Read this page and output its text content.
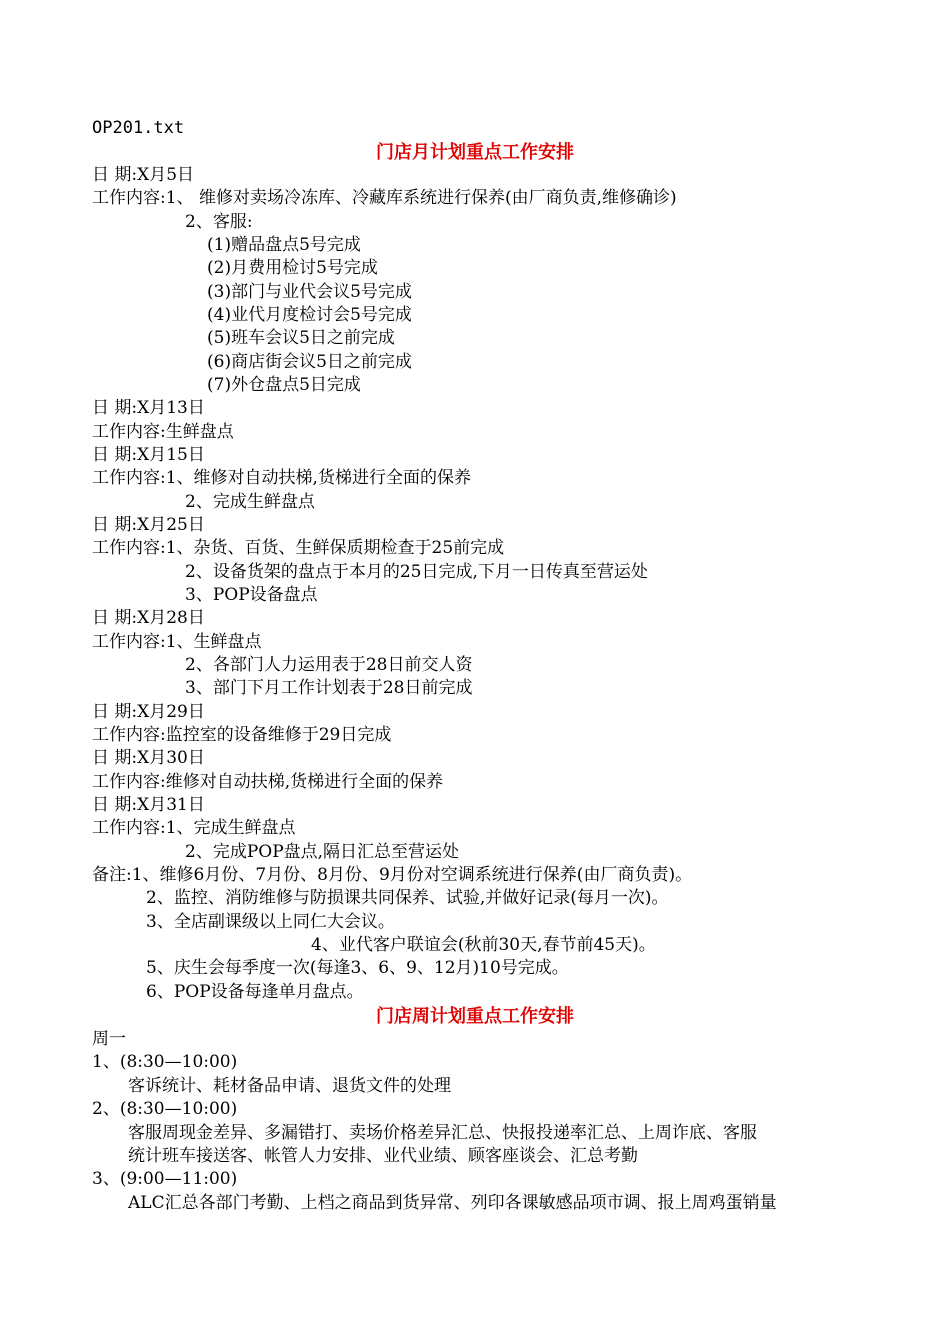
OP201.txt
门店月计划重点工作安排
日 期:X月5日
工作内容:1、 维修对卖场冷冻库、冷藏库系统进行保养(由厂商负责,维修确诊)
2、客服:
(1)赠品盘点5号完成
(2)月费用检讨5号完成
(3)部门与业代会议5号完成
(4)业代月度检讨会5号完成
(5)班车会议5日之前完成
(6)商店街会议5日之前完成
(7)外仓盘点5日完成
日 期:X月13日
工作内容:生鲜盘点
日 期:X月15日
工作内容:1、维修对自动扶梯,货梯进行全面的保养
2、完成生鲜盘点
日 期:X月25日
工作内容:1、杂货、百货、生鲜保质期检查于25前完成
2、设备货架的盘点于本月的25日完成,下月一日传真至营运处
3、POP设备盘点
日 期:X月28日
工作内容:1、生鲜盘点
2、各部门人力运用表于28日前交人资
3、部门下月工作计划表于28日前完成
日 期:X月29日
工作内容:监控室的设备维修于29日完成
日 期:X月30日
工作内容:维修对自动扶梯,货梯进行全面的保养
日 期:X月31日
工作内容:1、完成生鲜盘点
2、完成POP盘点,隔日汇总至营运处
备注:1、维修6月份、7月份、8月份、9月份对空调系统进行保养(由厂商负责)。
2、监控、消防维修与防损课共同保养、试验,并做好记录(每月一次)。
3、全店副课级以上同仁大会议。
4、业代客户联谊会(秋前30天,春节前45天)。
5、庆生会每季度一次(每逢3、6、9、12月)10号完成。
6、POP设备每逢单月盘点。
门店周计划重点工作安排
周一
1、(8:30—10:00)
客诉统计、耗材备品申请、退货文件的处理
2、(8:30—10:00)
客服周现金差异、多漏错打、卖场价格差异汇总、快报投递率汇总、上周诈底、客服
统计班车接送客、帐管人力安排、业代业绩、顾客座谈会、汇总考勤
3、(9:00—11:00)
ALC汇总各部门考勤、上档之商品到货异常、列印各课敏感品项市调、报上周鸡蛋销量
